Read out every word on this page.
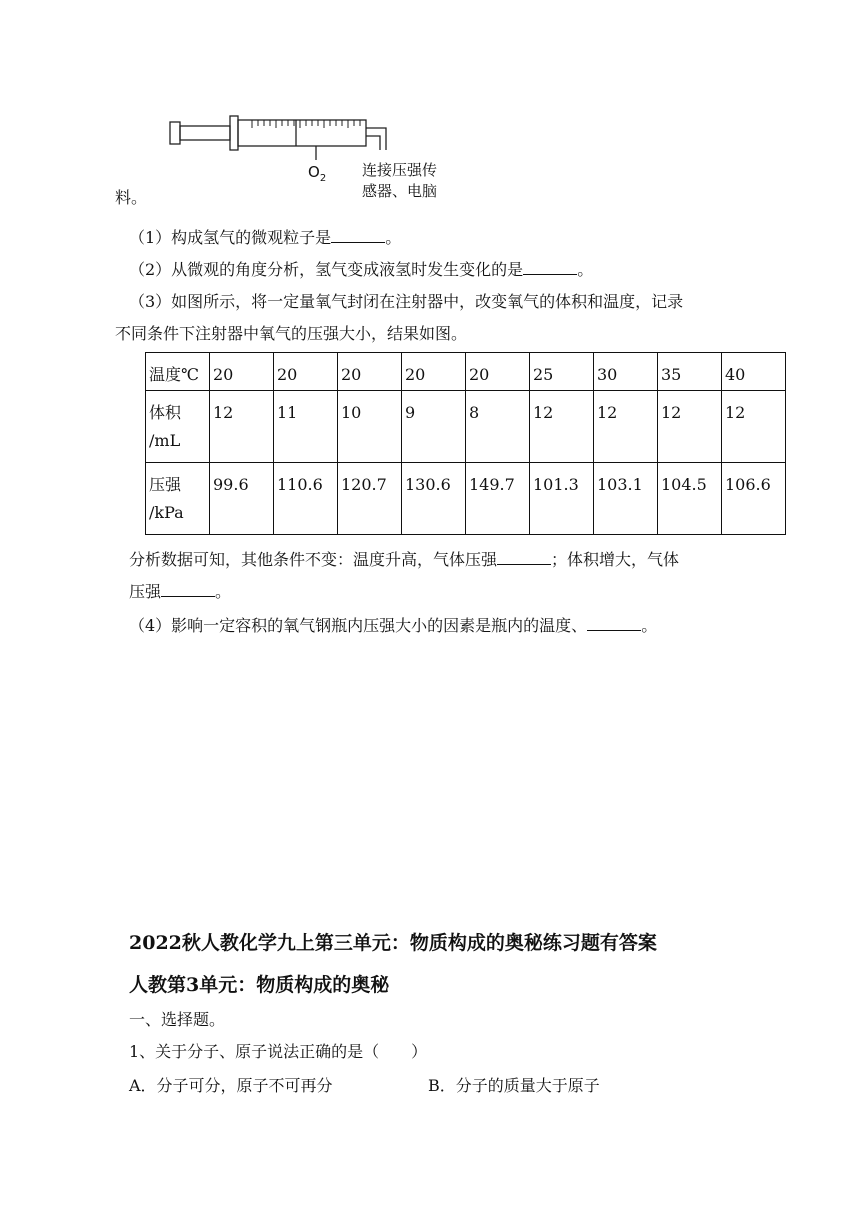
$O_2$ 连接压强传
感器、电脑
料。
（1）构成氢气的微观粒子是	。
（2）从微观的角度分析，氢气变成液氢时发生变化的是	。
（3）如图所示，将一定量氧气封闭在注射器中，改变氧气的体积和温度，记录
不同条件下注射器中氧气的压强大小，结果如图。
温度℃	20	20	20	20	20	25	30	35	40

体积
/mL	12	11	10	9	8	12	12	12	12

压强
/kPa	99.6	110.6	120.7	130.6	149.7	101.3	103.1	104.5	106.6
分析数据可知，其他条件不变：温度升高，气体压强	；体积增大，气体
压强	。
（4）影响一定容积的氧气钢瓶内压强大小的因素是瓶内的温度、	。
2022秋人教化学九上第三单元：物质构成的奥秘练习题有答案
人教第3单元：物质构成的奥秘
一、选择题。
1、关于分子、原子说法正确的是（　　）
A．分子可分，原子不可再分	B．分子的质量大于原子
